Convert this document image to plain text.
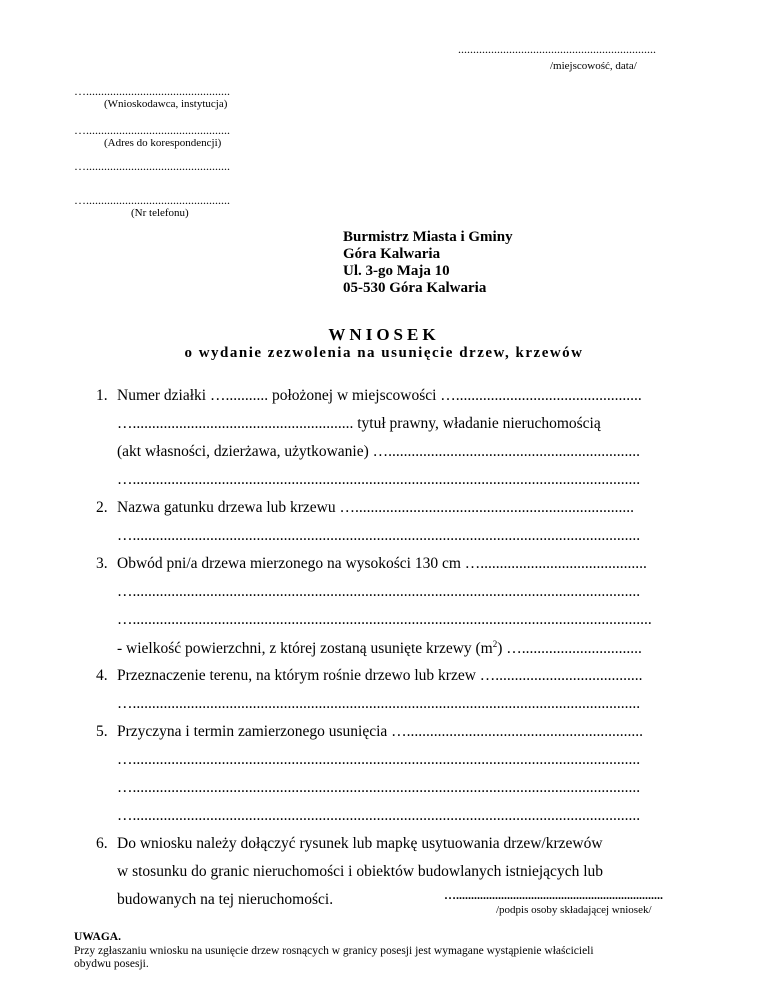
..................................................................
/miejscowość, data/
…................................................
(Wnioskodawca, instytucja)
…................................................
(Adres do korespondencji)
…................................................
…................................................
(Nr telefonu)
Burmistrz Miasta i Gminy
Góra Kalwaria
Ul. 3-go Maja 10
05-530 Góra Kalwaria
WNIOSEK
o wydanie zezwolenia na usunięcie drzew, krzewów
1. Numer działki …........... położonej w miejscowości …................................................
…......................................................... tytuł prawny, władanie nieruchomością
(akt własności, dzierżawa, użytkowanie) ….................................................................
…...................................................................................................................................
2. Nazwa gatunku drzewa lub krzewu …........................................................................
…...................................................................................................................................
3. Obwód pni/a drzewa mierzonego na wysokości 130 cm …...........................................
…...................................................................................................................................
…......................................................................................................................................
- wielkość powierzchni, z której zostaną usunięte krzewy $(m^2)$ …...............................
4. Przeznaczenie terenu, na którym rośnie drzewo lub krzew …......................................
…...................................................................................................................................
5. Przyczyna i termin zamierzonego usunięcia ….............................................................
…...................................................................................................................................
…...................................................................................................................................
…...................................................................................................................................
6. Do wniosku należy dołączyć rysunek lub mapkę usytuowania drzew/krzewów
w stosunku do granic nieruchomości i obiektów budowlanych istniejących lub
budowanych na tej nieruchomości.	….....................................................................
/podpis osoby składającej wniosek/
UWAGA.
Przy zgłaszaniu wniosku na usunięcie drzew rosnących w granicy posesji jest wymagane wystąpienie właścicieli
obydwu posesji.
